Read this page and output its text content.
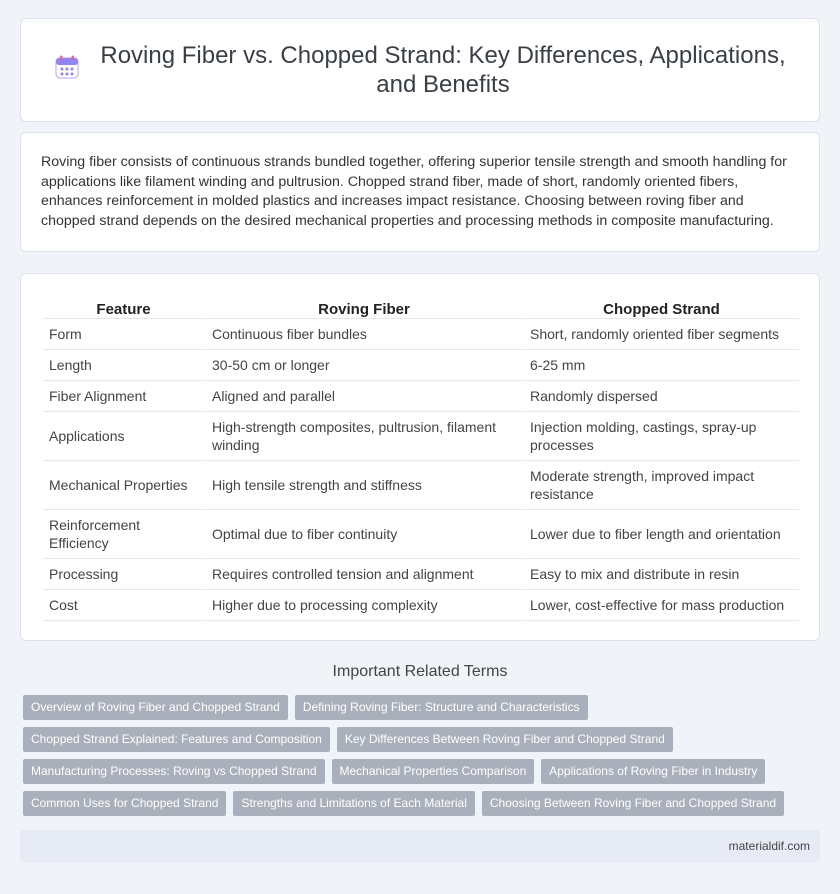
Roving Fiber vs. Chopped Strand: Key Differences, Applications,
and Benefits

Roving fiber consists of continuous strands bundled together, offering superior tensile strength and smooth handling for applications like filament winding and pultrusion. Chopped strand fiber, made of short, randomly oriented fibers, enhances reinforcement in molded plastics and increases impact resistance. Choosing between roving fiber and chopped strand depends on the desired mechanical properties and processing methods in composite manufacturing.

Feature	Roving Fiber	Chopped Strand
Form	Continuous fiber bundles	Short, randomly oriented fiber segments
Length	30-50 cm or longer	6-25 mm
Fiber Alignment	Aligned and parallel	Randomly dispersed
Applications	High-strength composites, pultrusion, filament winding	Injection molding, castings, spray-up processes
Mechanical Properties	High tensile strength and stiffness	Moderate strength, improved impact resistance
Reinforcement Efficiency	Optimal due to fiber continuity	Lower due to fiber length and orientation
Processing	Requires controlled tension and alignment	Easy to mix and distribute in resin
Cost	Higher due to processing complexity	Lower, cost-effective for mass production
Important Related Terms
Overview of Roving Fiber and Chopped Strand	Defining Roving Fiber: Structure and Characteristics
Chopped Strand Explained: Features and Composition	Key Differences Between Roving Fiber and Chopped Strand
Manufacturing Processes: Roving vs Chopped Strand	Mechanical Properties Comparison	Applications of Roving Fiber in Industry
Common Uses for Chopped Strand	Strengths and Limitations of Each Material	Choosing Between Roving Fiber and Chopped Strand
materialdif.com
